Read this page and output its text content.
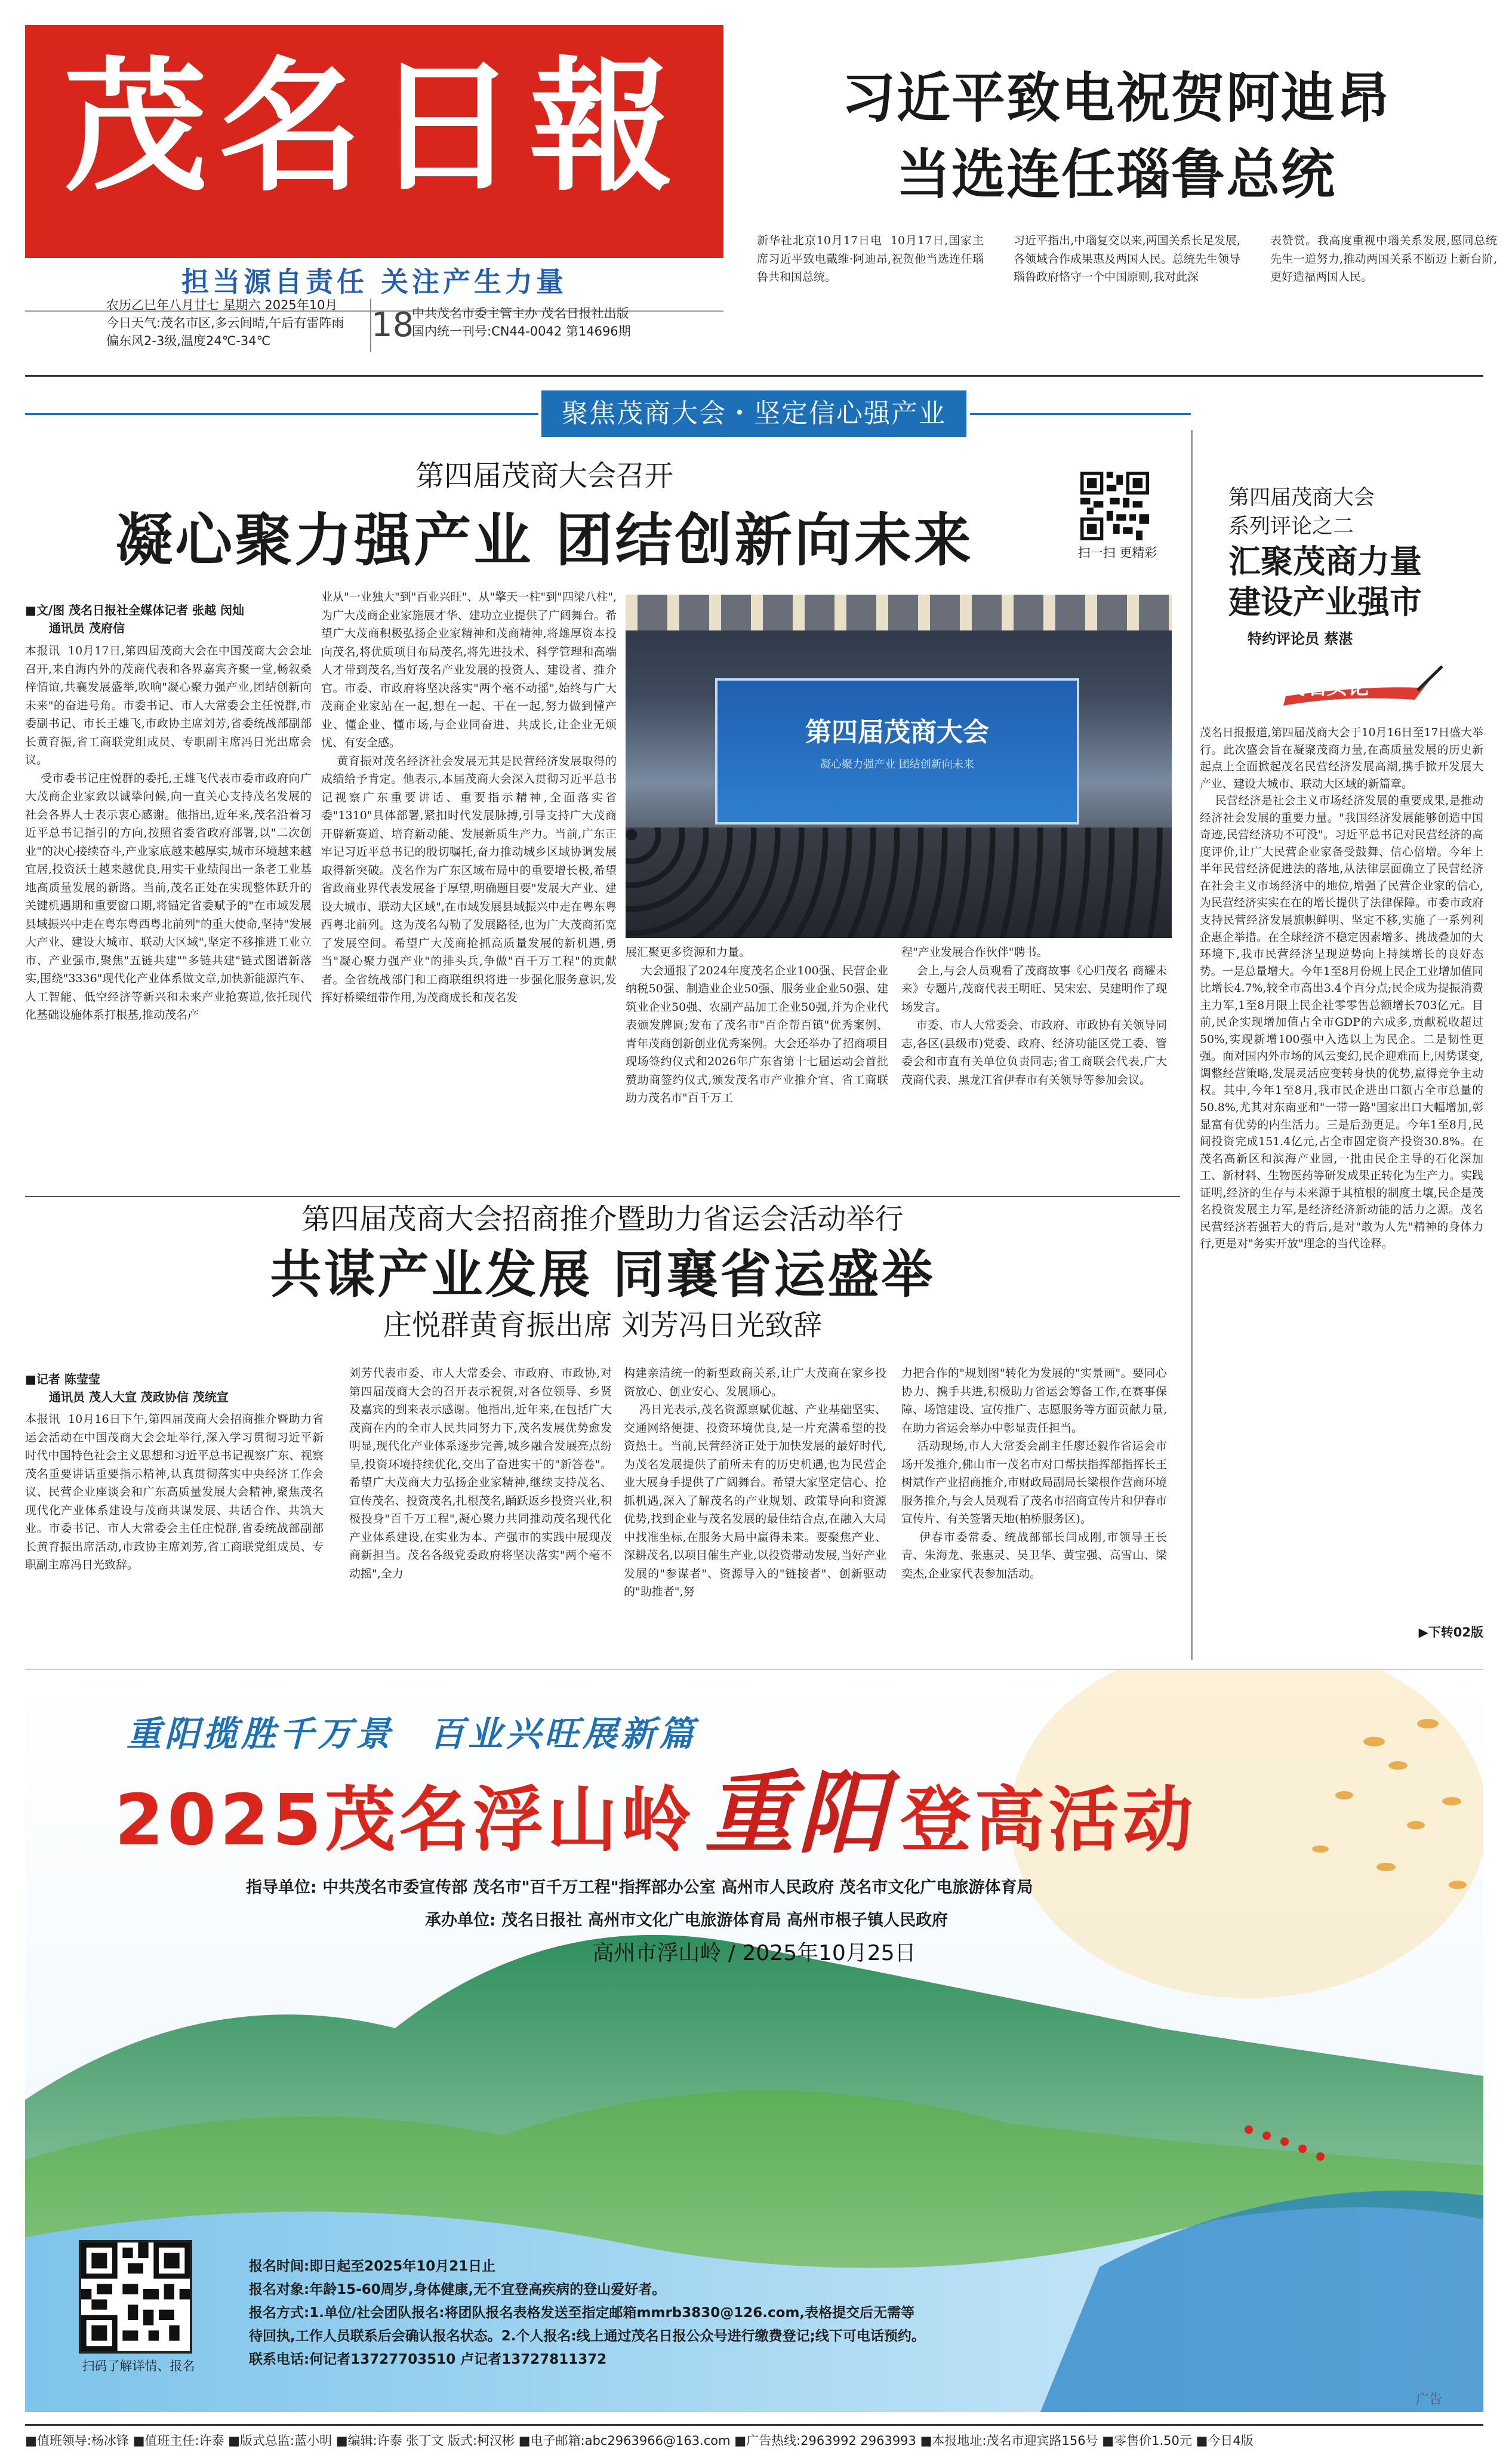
茂名日報
担当源自责任 关注产生力量
农历乙巳年八月廿七 星期六 2025年10月
今日天气:茂名市区,多云间晴,午后有雷阵雨
偏东风2-3级,温度24℃-34℃	18
中共茂名市委主管主办 茂名日报社出版
国内统一刊号:CN44-0042 第14696期
习近平致电祝贺阿迪昂
当选连任瑙鲁总统
新华社北京10月17日电  10月17日,国家主席习近平致电戴维·阿迪昂,祝贺他当选连任瑙鲁共和国总统。
习近平指出,中瑙复交以来,两国关系长足发展,各领域合作成果惠及两国人民。总统先生领导瑙鲁政府恪守一个中国原则,我对此深
表赞赏。我高度重视中瑙关系发展,愿同总统先生一道努力,推动两国关系不断迈上新台阶,更好造福两国人民。
聚焦茂商大会・坚定信心强产业
第四届茂商大会召开
凝心聚力强产业 团结创新向未来	扫一扫 更精彩
■文/图 茂名日报社全媒体记者 张越 闵灿
通讯员 茂府信
本报讯  10月17日,第四届茂商大会在中国茂商大会会址召开,来自海内外的茂商代表和各界嘉宾齐聚一堂,畅叙桑梓情谊,共襄发展盛举,吹响"凝心聚力强产业,团结创新向未来"的奋进号角。市委书记、市人大常委会主任悦群,市委副书记、市长王雄飞,市政协主席刘芳,省委统战部副部长黄育振,省工商联党组成员、专职副主席冯日光出席会议。
受市委书记庄悦群的委托,王雄飞代表市委市政府向广大茂商企业家致以诚挚问候,向一直关心支持茂名发展的社会各界人士表示衷心感谢。他指出,近年来,茂名沿着习近平总书记指引的方向,按照省委省政府部署,以"二次创业"的决心接续奋斗,产业家底越来越厚实,城市环境越来越宜居,投资沃土越来越优良,用实干业绩闯出一条老工业基地高质量发展的新路。当前,茂名正处在实现整体跃升的关键机遇期和重要窗口期,将锚定省委赋予的"在市域发展县域振兴中走在粤东粤西粤北前列"的重大使命,坚持"发展大产业、建设大城市、联动大区域",坚定不移推进工业立市、产业强市,聚焦"五链共建""多链共建"链式图谱新落实,围绕"3336"现代化产业体系做文章,加快新能源汽车、人工智能、低空经济等新兴和未来产业抢赛道,依托现代化基础设施体系打根基,推动茂名产
业从"一业独大"到"百业兴旺"、从"擎天一柱"到"四梁八柱",为广大茂商企业家施展才华、建功立业提供了广阔舞台。希望广大茂商积极弘扬企业家精神和茂商精神,将雄厚资本投向茂名,将优质项目布局茂名,将先进技术、科学管理和高端人才带到茂名,当好茂名产业发展的投资人、建设者、推介官。市委、市政府将坚决落实"两个毫不动摇",始终与广大茂商企业家站在一起,想在一起、干在一起,努力做到懂产业、懂企业、懂市场,与企业同奋进、共成长,让企业无烦忧、有安全感。
黄育振对茂名经济社会发展无其是民营经济发展取得的成绩给予肯定。他表示,本届茂商大会深入贯彻习近平总书记视察广东重要讲话、重要指示精神,全面落实省委"1310"具体部署,紧扣时代发展脉搏,引导支持广大茂商开辟新赛道、培育新动能、发展新质生产力。当前,广东正牢记习近平总书记的殷切嘱托,奋力推动城乡区域协调发展取得新突破。茂名作为广东区域布局中的重要增长极,希望省政商业界代表发展备于厚望,明确题目要"发展大产业、建设大城市、联动大区域",在市域发展县域振兴中走在粤东粤西粤北前列。这为茂名勾勒了发展路径,也为广大茂商拓宽了发展空间。希望广大茂商抢抓高质量发展的新机遇,勇当"凝心聚力强产业"的排头兵,争做"百千万工程"的贡献者。全省统战部门和工商联组织将进一步强化服务意识,发挥好桥梁纽带作用,为茂商成长和茂名发
第四届茂商大会
凝心聚力强产业 团结创新向未来
展汇聚更多资源和力量。
大会通报了2024年度茂名企业100强、民营企业纳税50强、制造业企业50强、服务业企业50强、建筑业企业50强、农副产品加工企业50强,并为企业代表颁发牌匾;发布了茂名市"百企帮百镇"优秀案例、青年茂商创新创业优秀案例。大会还举办了招商项目现场签约仪式和2026年广东省第十七届运动会首批赞助商签约仪式,颁发茂名市产业推介官、省工商联助力茂名市"百千万工
程"产业发展合作伙伴"聘书。
会上,与会人员观看了茂商故事《心归茂名 商耀未来》专题片,茂商代表王明旺、吴宋宏、吴建明作了现场发言。
市委、市人大常委会、市政府、市政协有关领导同志,各区(县级市)党委、政府、经济功能区党工委、管委会和市直有关单位负责同志;省工商联会代表,广大茂商代表、黑龙江省伊春市有关领导等参加会议。
第四届茂商大会招商推介暨助力省运会活动举行
共谋产业发展 同襄省运盛举
庄悦群黄育振出席 刘芳冯日光致辞
■记者 陈莹莹
通讯员 茂人大宣 茂政协信 茂统宣
本报讯  10月16日下午,第四届茂商大会招商推介暨助力省运会活动在中国茂商大会会址举行,深入学习贯彻习近平新时代中国特色社会主义思想和习近平总书记视察广东、视察茂名重要讲话重要指示精神,认真贯彻落实中央经济工作会议、民营企业座谈会和广东高质量发展大会精神,聚焦茂名现代化产业体系建设与茂商共谋发展、共话合作、共筑大业。市委书记、市人大常委会主任庄悦群,省委统战部副部长黄育振出席活动,市政协主席刘芳,省工商联党组成员、专职副主席冯日光致辞。
刘芳代表市委、市人大常委会、市政府、市政协,对第四届茂商大会的召开表示祝贺,对各位领导、乡贤及嘉宾的到来表示感谢。他指出,近年来,在包括广大茂商在内的全市人民共同努力下,茂名发展优势愈发明显,现代化产业体系逐步完善,城乡融合发展亮点纷呈,投资环境持续优化,交出了奋进实干的"新答卷"。希望广大茂商大力弘扬企业家精神,继续支持茂名、宣传茂名、投资茂名,扎根茂名,踊跃返乡投资兴业,积极投身"百千万工程",凝心聚力共同推动茂名现代化产业体系建设,在实业为本、产强市的实践中展现茂商新担当。茂名各级党委政府将坚决落实"两个毫不动摇",全力
构建亲清统一的新型政商关系,让广大茂商在家乡投资放心、创业安心、发展顺心。
冯日光表示,茂名资源禀赋优越、产业基础坚实、交通网络便捷、投资环境优良,是一片充满希望的投资热土。当前,民营经济正处于加快发展的最好时代,为茂名发展提供了前所未有的历史机遇,也为民营企业大展身手提供了广阔舞台。希望大家坚定信心、抢抓机遇,深入了解茂名的产业规划、政策导向和资源优势,找到企业与茂名发展的最佳结合点,在融入大局中找准坐标,在服务大局中赢得未来。要聚焦产业、深耕茂名,以项目催生产业,以投资带动发展,当好产业发展的"参谋者"、资源导入的"链接者"、创新驱动的"助推者",努
力把合作的"规划图"转化为发展的"实景画"。要同心协力、携手共进,积极助力省运会筹备工作,在赛事保障、场馆建设、宣传推广、志愿服务等方面贡献力量,在助力省运会举办中彰显责任担当。
活动现场,市人大常委会副主任廖还毅作省运会市场开发推介,佛山市一茂名市对口帮扶指挥部指挥长王树斌作产业招商推介,市财政局副局长梁根作营商环境服务推介,与会人员观看了茂名市招商宣传片和伊春市宣传片、有关签署天地(柏桥服务区)。
伊春市委常委、统战部部长闫成刚,市领导王长青、朱海龙、张惠灵、吴卫华、黄宝强、高雪山、梁奕杰,企业家代表参加活动。
第四届茂商大会
系列评论之二
汇聚茂商力量
建设产业强市
特约评论员 蔡湛
茂名实论
茂名日报报道,第四届茂商大会于10月16日至17日盛大举行。此次盛会旨在凝聚茂商力量,在高质量发展的历史新起点上全面掀起茂名民营经济发展高潮,携手掀开发展大产业、建设大城市、联动大区域的新篇章。
民营经济是社会主义市场经济发展的重要成果,是推动经济社会发展的重要力量。"我国经济发展能够创造中国奇迹,民营经济功不可没"。习近平总书记对民营经济的高度评价,让广大民营企业家备受鼓舞、信心倍增。今年上半年民营经济促进法的落地,从法律层面确立了民营经济在社会主义市场经济中的地位,增强了民营企业家的信心,为民营经济实实在在的增长提供了法律保障。市委市政府支持民营经济发展旗帜鲜明、坚定不移,实施了一系列利企惠企举措。在全球经济不稳定因素增多、挑战叠加的大环境下,我市民营经济呈现逆势向上持续增长的良好态势。一是总量增大。今年1至8月份规上民企工业增加值同比增长4.7%,较全市高出3.4个百分点;民企成为提振消费主力军,1至8月限上民企社零零售总额增长703亿元。目前,民企实现增加值占全市GDP的六成多,贡献税收超过50%,实现新增100强中入选以上为民企。二是韧性更强。面对国内外市场的风云变幻,民企迎难而上,因势谋变,调整经营策略,发展灵活应变转身快的优势,赢得竞争主动权。其中,今年1至8月,我市民企进出口额占全市总量的50.8%,尤其对东南亚和"一带一路"国家出口大幅增加,彰显富有优势的内生活力。三是后劲更足。今年1至8月,民间投资完成151.4亿元,占全市固定资产投资30.8%。在茂名高新区和滨海产业园,一批由民企主导的石化深加工、新材料、生物医药等研发成果正转化为生产力。实践证明,经济的生存与未来源于其植根的制度土壤,民企是茂名投资发展主力军,是经济经济新动能的活力之源。茂名民营经济若强若大的背后,是对"敢为人先"精神的身体力行,更是对"务实开放"理念的当代诠释。
▶下转02版
重阳揽胜千万景 百业兴旺展新篇
2025茂名浮山岭 重阳 登高活动
指导单位: 中共茂名市委宣传部 茂名市"百千万工程"指挥部办公室 高州市人民政府 茂名市文化广电旅游体育局
承办单位: 茂名日报社 高州市文化广电旅游体育局 高州市根子镇人民政府
高州市浮山岭 / 2025年10月25日
扫码了解详情、报名
报名时间:即日起至2025年10月21日止
报名对象:年龄15-60周岁,身体健康,无不宜登高疾病的登山爱好者。
报名方式:1.单位/社会团队报名:将团队报名表格发送至指定邮箱mmrb3830@126.com,表格提交后无需等
待回执,工作人员联系后会确认报名状态。2.个人报名:线上通过茂名日报公众号进行缴费登记;线下可电话预约。
联系电话:何记者13727703510 卢记者13727811372
广告
■值班领导:杨冰锋 ■值班主任:许泰 ■版式总监:蓝小明 ■编辑:许泰 张丁文 版式:柯汉彬 ■电子邮箱:abc2963966@163.com ■广告热线:2963992 2963993 ■本报地址:茂名市迎宾路156号 ■零售价1.50元 ■今日4版
